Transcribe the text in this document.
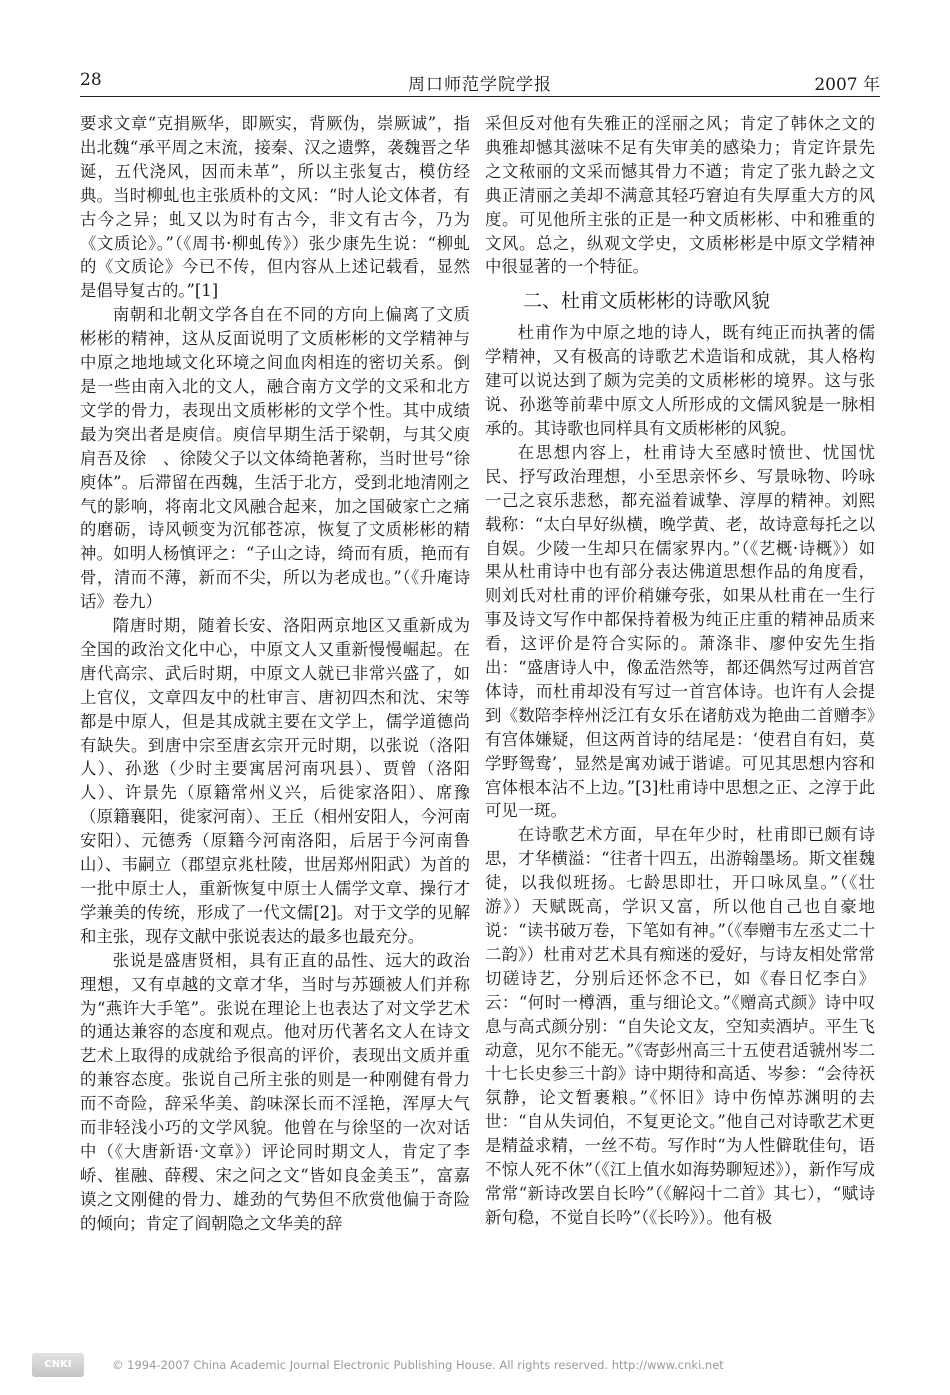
28	周口师范学院学报	2007 年

要求文章“克捐厥华，即厥实，背厥伪，崇厥诚”，指出北魏“承平周之末流，接秦、汉之遗弊，袭魏晋之华诞，五代浇风，因而未革”，所以主张复古，模仿经典。当时柳虬也主张质朴的文风：“时人论文体者，有古今之异；虬又以为时有古今，非文有古今，乃为《文质论》。”（《周书·柳虬传》）张少康先生说：“柳虬的《文质论》今已不传，但内容从上述记载看，显然是倡导复古的。”[1]

南朝和北朝文学各自在不同的方向上偏离了文质彬彬的精神，这从反面说明了文质彬彬的文学精神与中原之地地域文化环境之间血肉相连的密切关系。倒是一些由南入北的文人，融合南方文学的文采和北方文学的骨力，表现出文质彬彬的文学个性。其中成绩最为突出者是庾信。庾信早期生活于梁朝，与其父庾肩吾及徐　、徐陵父子以文体绮艳著称，当时世号“徐庾体”。后滞留在西魏，生活于北方，受到北地清刚之气的影响，将南北文风融合起来，加之国破家亡之痛的磨砺，诗风顿变为沉郁苍凉，恢复了文质彬彬的精神。如明人杨慎评之：“子山之诗，绮而有质，艳而有骨，清而不薄，新而不尖，所以为老成也。”（《升庵诗话》卷九）

隋唐时期，随着长安、洛阳两京地区又重新成为全国的政治文化中心，中原文人又重新慢慢崛起。在唐代高宗、武后时期，中原文人就已非常兴盛了，如上官仪，文章四友中的杜审言、唐初四杰和沈、宋等都是中原人，但是其成就主要在文学上，儒学道德尚有缺失。到唐中宗至唐玄宗开元时期，以张说（洛阳人）、孙逖（少时主要寓居河南巩县）、贾曾（洛阳人）、许景先（原籍常州义兴，后徙家洛阳）、席豫（原籍襄阳，徙家河南）、王丘（相州安阳人，今河南安阳）、元德秀（原籍今河南洛阳，后居于今河南鲁山）、韦嗣立（郡望京兆杜陵，世居郑州阳武）为首的一批中原士人，重新恢复中原士人儒学文章、操行才学兼美的传统，形成了一代文儒[2]。对于文学的见解和主张，现存文献中张说表达的最多也最充分。

张说是盛唐贤相，具有正直的品性、远大的政治理想，又有卓越的文章才华，当时与苏颋被人们并称为“燕许大手笔”。张说在理论上也表达了对文学艺术的通达兼容的态度和观点。他对历代著名文人在诗文艺术上取得的成就给予很高的评价，表现出文质并重的兼容态度。张说自己所主张的则是一种刚健有骨力而不奇险，辞采华美、韵味深长而不淫艳，浑厚大气而非轻浅小巧的文学风貌。他曾在与徐坚的一次对话中（《大唐新语·文章》）评论同时期文人，肯定了李峤、崔融、薛稷、宋之问之文“皆如良金美玉”，富嘉谟之文刚健的骨力、雄劲的气势但不欣赏他偏于奇险的倾向；肯定了阎朝隐之文华美的辞

采但反对他有失雅正的淫丽之风；肯定了韩休之文的典雅却憾其滋味不足有失审美的感染力；肯定许景先之文秾丽的文采而憾其骨力不遒；肯定了张九龄之文典正清丽之美却不满意其轻巧窘迫有失厚重大方的风度。可见他所主张的正是一种文质彬彬、中和雅重的文风。总之，纵观文学史，文质彬彬是中原文学精神中很显著的一个特征。

二、杜甫文质彬彬的诗歌风貌

杜甫作为中原之地的诗人，既有纯正而执著的儒学精神，又有极高的诗歌艺术造诣和成就，其人格构建可以说达到了颇为完美的文质彬彬的境界。这与张说、孙逖等前辈中原文人所形成的文儒风貌是一脉相承的。其诗歌也同样具有文质彬彬的风貌。

在思想内容上，杜甫诗大至感时愤世、忧国忧民、抒写政治理想，小至思亲怀乡、写景咏物、吟咏一己之哀乐悲愁，都充溢着诚挚、淳厚的精神。刘熙载称：“太白早好纵横，晚学黄、老，故诗意每托之以自娱。少陵一生却只在儒家界内。”（《艺概·诗概》）如果从杜甫诗中也有部分表达佛道思想作品的角度看，则刘氏对杜甫的评价稍嫌夸张，如果从杜甫在一生行事及诗文写作中都保持着极为纯正庄重的精神品质来看，这评价是符合实际的。萧涤非、廖仲安先生指出：“盛唐诗人中，像孟浩然等，都还偶然写过两首宫体诗，而杜甫却没有写过一首宫体诗。也许有人会提到《数陪李梓州泛江有女乐在诸舫戏为艳曲二首赠李》有宫体嫌疑，但这两首诗的结尾是：‘使君自有妇，莫学野鸳鸯’，显然是寓劝诫于谐谑。可见其思想内容和宫体根本沾不上边。”[3]杜甫诗中思想之正、之淳于此可见一斑。

在诗歌艺术方面，早在年少时，杜甫即已颇有诗思，才华横溢：“往者十四五，出游翰墨场。斯文崔魏徒，以我似班扬。七龄思即壮，开口咏凤皇。”（《壮游》）天赋既高，学识又富，所以他自己也自豪地说：“读书破万卷，下笔如有神。”（《奉赠韦左丞丈二十二韵》）杜甫对艺术具有痴迷的爱好，与诗友相处常常切磋诗艺，分别后还怀念不已，如《春日忆李白》云：“何时一樽酒，重与细论文。”《赠高式颜》诗中叹息与高式颜分别：“自失论文友，空知卖酒垆。平生飞动意，见尔不能无。”《寄彭州高三十五使君适虢州岑二十七长史参三十韵》诗中期待和高适、岑参：“会待祆氛静，论文暂裹粮。”《怀旧》诗中伤悼苏渊明的去世：“自从失词伯，不复更论文。”他自己对诗歌艺术更是精益求精，一丝不苟。写作时“为人性僻耽佳句，语不惊人死不休”（《江上值水如海势聊短述》），新作写成常常“新诗改罢自长吟”（《解闷十二首》其七），“赋诗新句稳，不觉自长吟”（《长吟》）。他有极

CNKI	© 1994-2007 China Academic Journal Electronic Publishing House. All rights reserved. http://www.cnki.net
